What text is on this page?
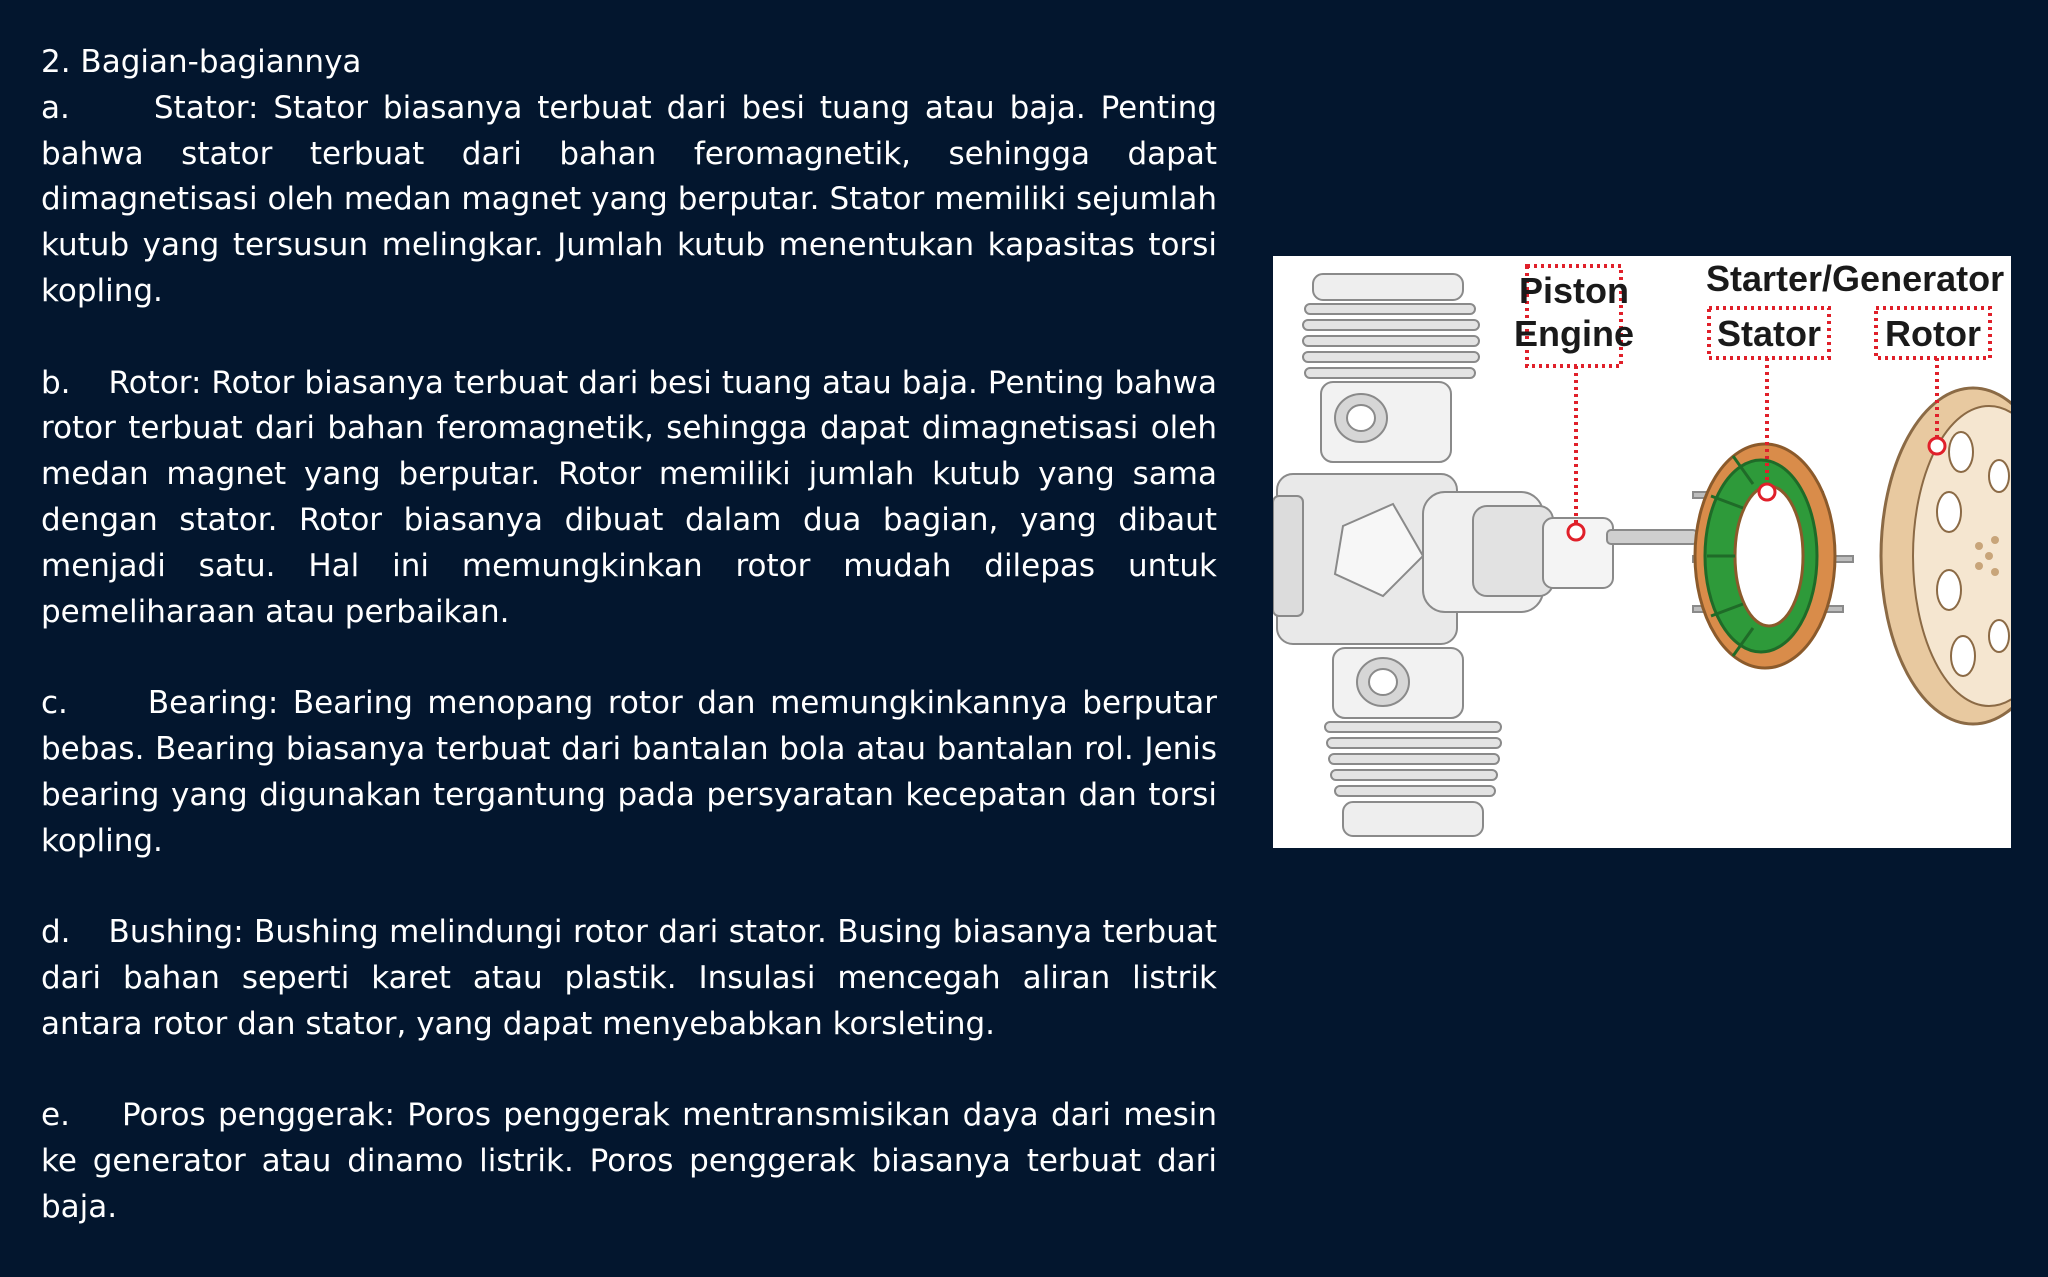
2. Bagian-bagiannya

a.	Stator: Stator biasanya terbuat dari besi tuang atau baja. Penting bahwa stator terbuat dari bahan feromagnetik, sehingga dapat dimagnetisasi oleh medan magnet yang berputar. Stator memiliki sejumlah kutub yang tersusun melingkar. Jumlah kutub menentukan kapasitas torsi kopling.

b. Rotor: Rotor biasanya terbuat dari besi tuang atau baja. Penting bahwa rotor terbuat dari bahan feromagnetik, sehingga dapat dimagnetisasi oleh medan magnet yang berputar. Rotor memiliki jumlah kutub yang sama dengan stator. Rotor biasanya dibuat dalam dua bagian, yang dibaut menjadi satu. Hal ini memungkinkan rotor mudah dilepas untuk pemeliharaan atau perbaikan.

c.	Bearing: Bearing menopang rotor dan memungkinkannya berputar bebas. Bearing biasanya terbuat dari bantalan bola atau bantalan rol. Jenis bearing yang digunakan tergantung pada persyaratan kecepatan dan torsi kopling.

d. Bushing: Bushing melindungi rotor dari stator. Busing biasanya terbuat dari bahan seperti karet atau plastik. Insulasi mencegah aliran listrik antara rotor dan stator, yang dapat menyebabkan korsleting.

e. Poros penggerak: Poros penggerak mentransmisikan daya dari mesin ke generator atau dinamo listrik. Poros penggerak biasanya terbuat dari baja.

Piston
Engine
Starter/Generator
Stator Rotor
